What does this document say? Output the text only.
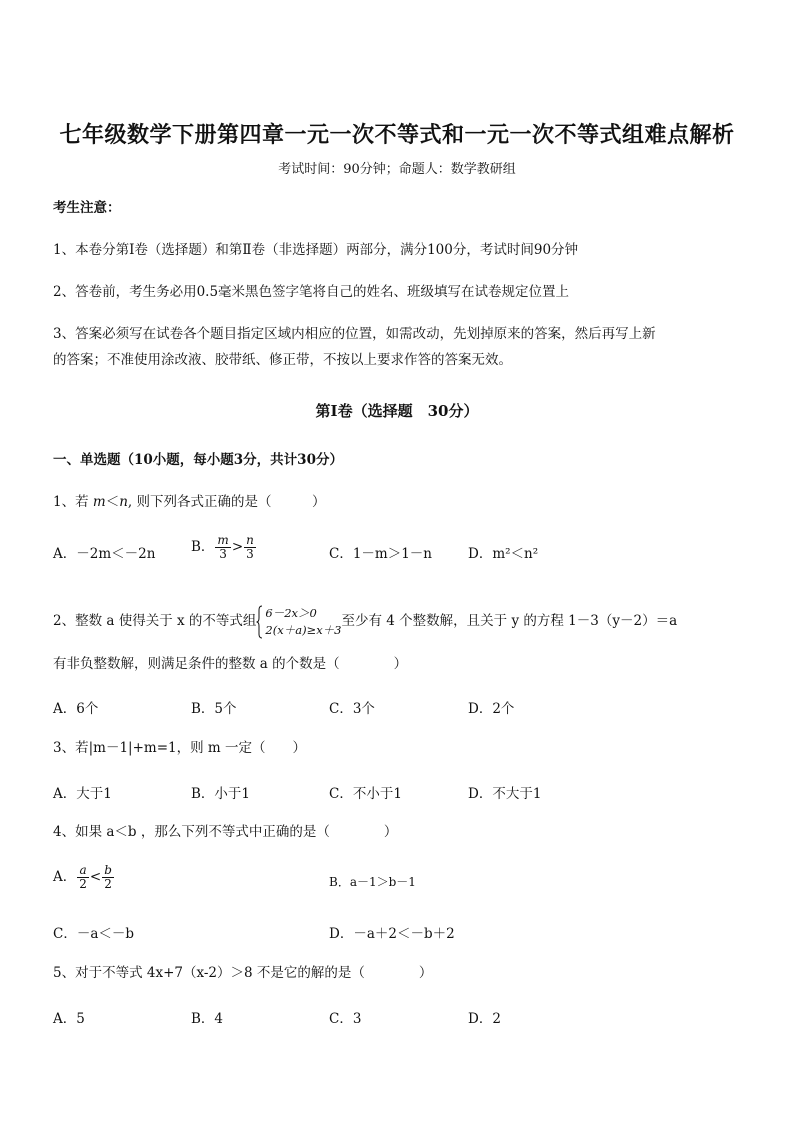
七年级数学下册第四章一元一次不等式和一元一次不等式组难点解析
考试时间：90分钟；命题人：数学教研组
考生注意：
1、本卷分第Ⅰ卷（选择题）和第Ⅱ卷（非选择题）两部分，满分100分，考试时间90分钟
2、答卷前，考生务必用0.5毫米黑色签字笔将自己的姓名、班级填写在试卷规定位置上
3、答案必须写在试卷各个题目指定区域内相应的位置，如需改动，先划掉原来的答案，然后再写上新
的答案；不准使用涂改液、胶带纸、修正带，不按以上要求作答的答案无效。
第Ⅰ卷（选择题　30分）
一、单选题（10小题，每小题3分，共计30分）
1、若 m＜n, 则下列各式正确的是（　　　）
A．－2m＜－2n	B． $\frac{m}{3} > \frac{n}{3}$	C．1－m＞1－n	D．m²＜n²
2、整数 a 使得关于 x 的不等式组
6－2x＞0
2(x＋a)≥x＋3
至少有 4 个整数解，且关于 y 的方程 1－3（y－2）＝a
有非负整数解，则满足条件的整数 a 的个数是（　　　　）
A．6个	B．5个	C．3个	D．2个
3、若|m－1|+m=1，则 m 一定（　　）
A．大于1	B．小于1	C．不小于1	D．不大于1
4、如果 a＜b ，那么下列不等式中正确的是（　　　　）
A． $\frac{a}{2} < \frac{b}{2}$	B．a－1＞b－1
C．－a＜－b	D．－a＋2＜－b＋2
5、对于不等式 4x+7（x-2）＞8 不是它的解的是（　　　　）
A．5	B．4	C．3	D．2
